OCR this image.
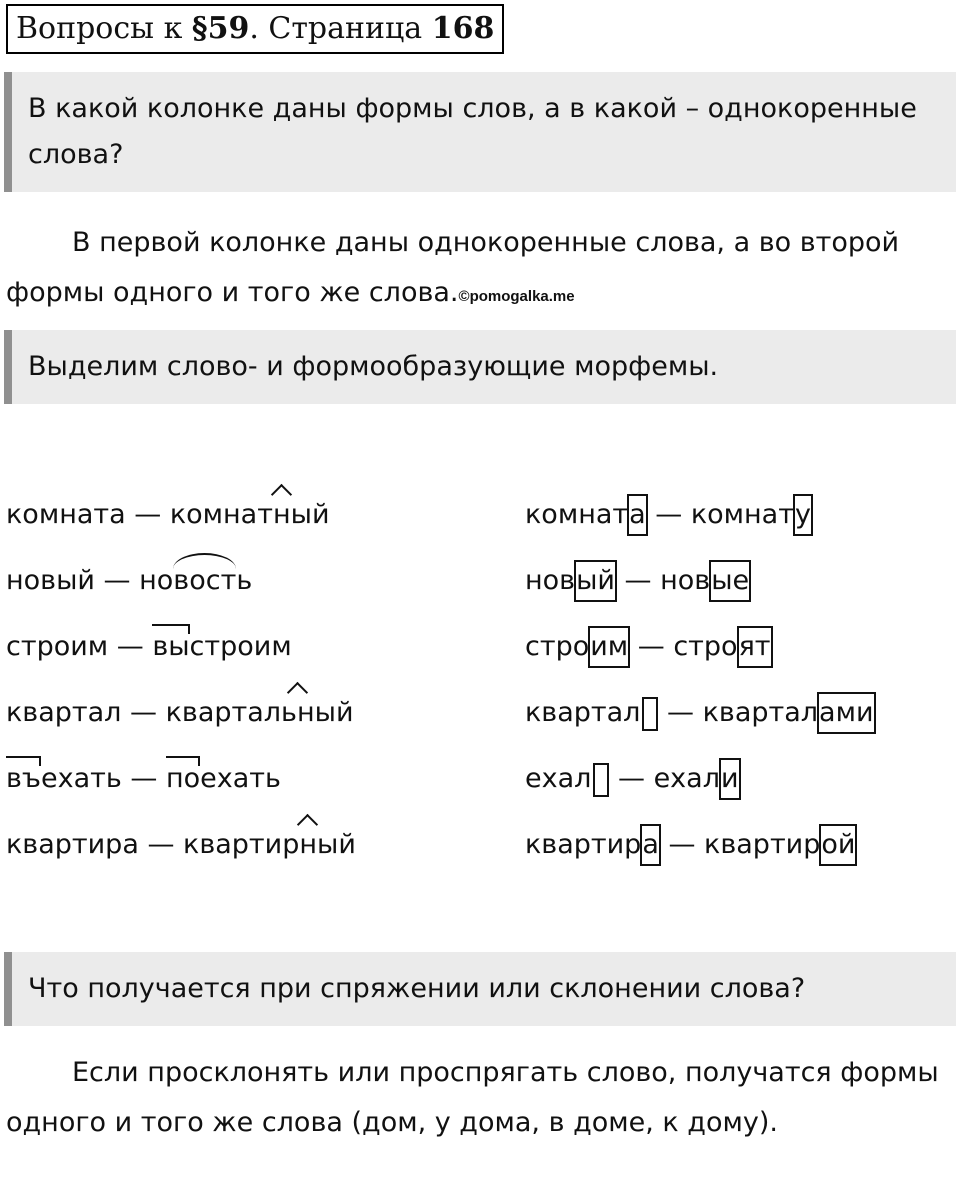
Вопросы к §59. Страница 168
В какой колонке даны формы слов, а в какой – однокоренные слова?
В первой колонке даны однокоренные слова, а во второй формы одного и того же слова.©pomogalka.me
Выделим слово- и формообразующие морфемы.
комната — комнатный
новый — новость
строим — выстроим
квартал — квартальный
въехать — поехать
квартира — квартирный
комната — комнату
новый — новые
строим — строят
квартал — кварталами
ехал — ехали
квартира — квартирой
Что получается при спряжении или склонении слова?
Если просклонять или проспрягать слово, получатся формы одного и того же слова (дом, у дома, в доме, к дому).
